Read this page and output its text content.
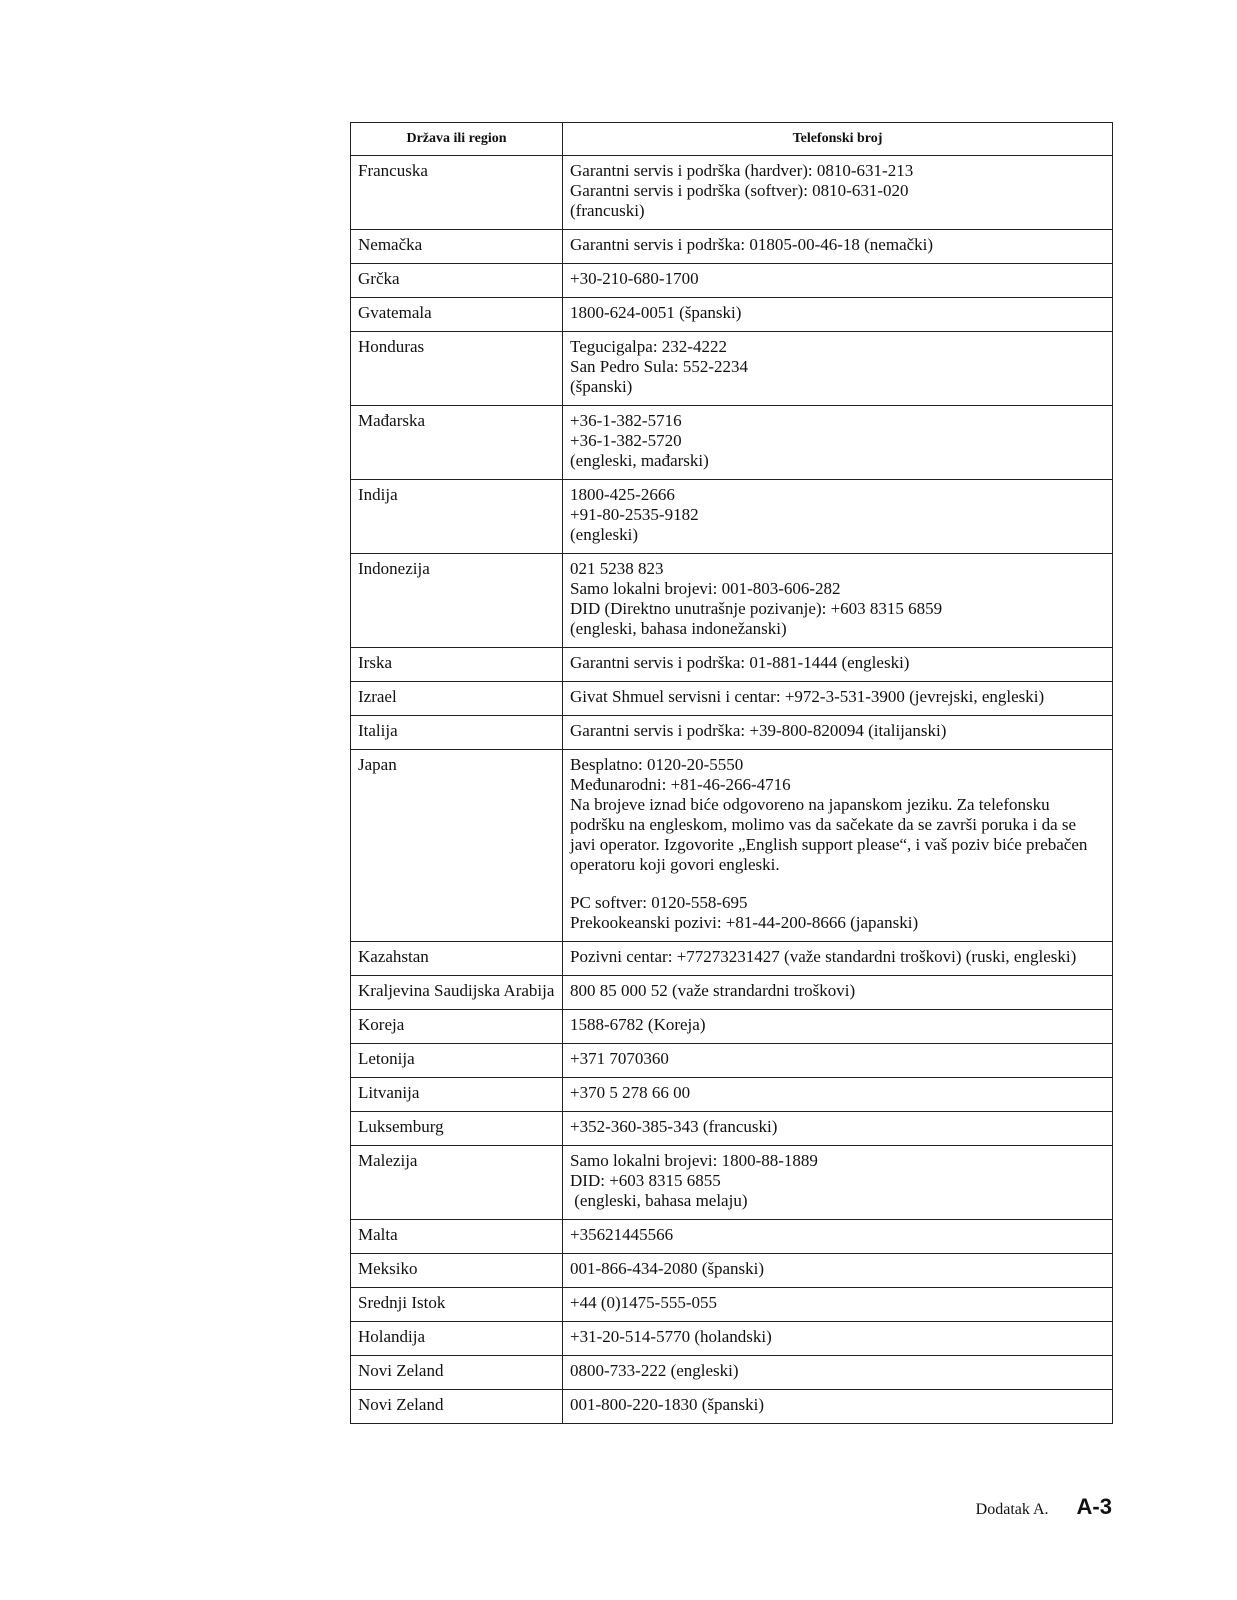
Država ili region	Telefonski broj
Francuska	Garantni servis i podrška (hardver): 0810-631-213
Garantni servis i podrška (softver): 0810-631-020
(francuski)

Nemačka	Garantni servis i podrška: 01805-00-46-18 (nemački)

Grčka	+30-210-680-1700

Gvatemala	1800-624-0051 (španski)

Honduras	Tegucigalpa: 232-4222
San Pedro Sula: 552-2234
(španski)

Mađarska	+36-1-382-5716
+36-1-382-5720
(engleski, mađarski)

Indija	1800-425-2666
+91-80-2535-9182
(engleski)

Indonezija	021 5238 823
Samo lokalni brojevi: 001-803-606-282
DID (Direktno unutrašnje pozivanje): +603 8315 6859
(engleski, bahasa indonežanski)

Irska	Garantni servis i podrška: 01-881-1444 (engleski)

Izrael	Givat Shmuel servisni i centar: +972-3-531-3900 (jevrejski, engleski)

Italija	Garantni servis i podrška: +39-800-820094 (italijanski)

Japan	Besplatno: 0120-20-5550
Međunarodni: +81-46-266-4716
Na brojeve iznad biće odgovoreno na japanskom jeziku. Za telefonsku podršku na engleskom, molimo vas da sačekate da se završi poruka i da se javi operator. Izgovorite „English support please“, i vaš poziv biće prebačen operatoru koji govori engleski.
PC softver: 0120-558-695
Prekookeanski pozivi: +81-44-200-8666 (japanski)

Kazahstan	Pozivni centar: +77273231427 (važe standardni troškovi) (ruski, engleski)

Kraljevina Saudijska Arabija	800 85 000 52 (važe strandardni troškovi)

Koreja	1588-6782 (Koreja)

Letonija	+371 7070360

Litvanija	+370 5 278 66 00

Luksemburg	+352-360-385-343 (francuski)

Malezija	Samo lokalni brojevi: 1800-88-1889
DID: +603 8315 6855
(engleski, bahasa melaju)

Malta	+35621445566

Meksiko	001-866-434-2080 (španski)

Srednji Istok	+44 (0)1475-555-055

Holandija	+31-20-514-5770 (holandski)

Novi Zeland	0800-733-222 (engleski)

Novi Zeland	001-800-220-1830 (španski)
Dodatak A. A-3
